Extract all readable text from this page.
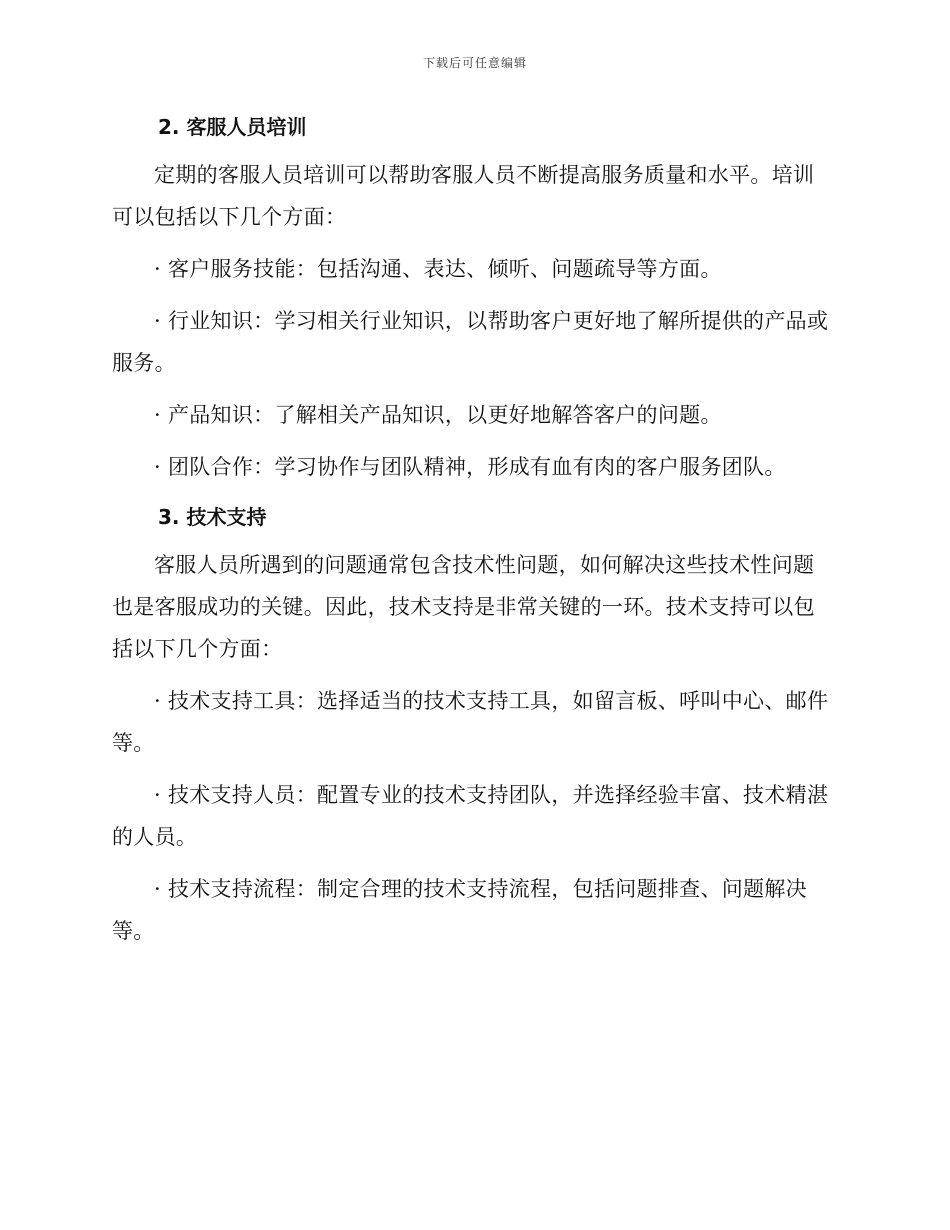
下载后可任意编辑
2. 客服人员培训

定期的客服人员培训可以帮助客服人员不断提高服务质量和水平。培训可以包括以下几个方面：

· 客户服务技能：包括沟通、表达、倾听、问题疏导等方面。

· 行业知识：学习相关行业知识，以帮助客户更好地了解所提供的产品或服务。

· 产品知识：了解相关产品知识，以更好地解答客户的问题。

· 团队合作：学习协作与团队精神，形成有血有肉的客户服务团队。

3. 技术支持

客服人员所遇到的问题通常包含技术性问题，如何解决这些技术性问题也是客服成功的关键。因此，技术支持是非常关键的一环。技术支持可以包括以下几个方面：

· 技术支持工具：选择适当的技术支持工具，如留言板、呼叫中心、邮件等。

· 技术支持人员：配置专业的技术支持团队，并选择经验丰富、技术精湛的人员。

· 技术支持流程：制定合理的技术支持流程，包括问题排查、问题解决等。
